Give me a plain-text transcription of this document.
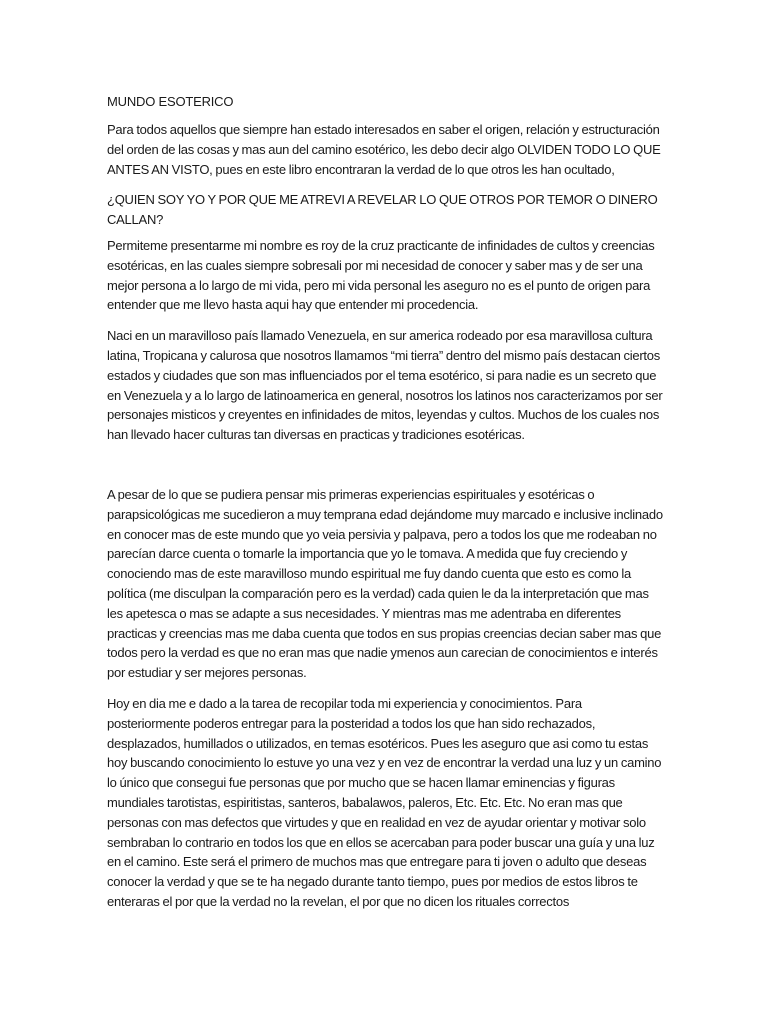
MUNDO ESOTERICO

Para todos aquellos que siempre han estado interesados en saber el origen, relación y estructuración del orden de las cosas y mas aun del camino esotérico, les debo decir algo OLVIDEN TODO LO QUE ANTES AN VISTO, pues en este libro encontraran la verdad de lo que otros les han ocultado,

¿QUIEN SOY YO Y POR QUE ME ATREVI A REVELAR LO QUE OTROS POR TEMOR O DINERO CALLAN?

Permiteme presentarme mi nombre es roy de la cruz practicante de infinidades de cultos y creencias esotéricas, en las cuales siempre sobresali por mi necesidad de conocer y saber mas y de ser una mejor persona a lo largo de mi vida, pero mi vida personal les aseguro no es el punto de origen para entender que me llevo hasta aqui hay que entender mi procedencia.

Naci en un maravilloso país llamado Venezuela, en sur america rodeado por esa maravillosa cultura latina, Tropicana y calurosa que nosotros llamamos “mi tierra” dentro del mismo país destacan ciertos estados y ciudades que son mas influenciados por el tema esotérico, si para nadie es un secreto que en Venezuela y a lo largo de latinoamerica en general, nosotros los latinos nos caracterizamos por ser personajes misticos y creyentes en infinidades de mitos, leyendas y cultos. Muchos de los cuales nos han llevado hacer culturas tan diversas en practicas y tradiciones esotéricas.

A pesar de lo que se pudiera pensar mis primeras experiencias espirituales y esotéricas o parapsicológicas me sucedieron a muy temprana edad dejándome muy marcado e inclusive inclinado en conocer mas de este mundo que yo veia persivia y palpava, pero a todos los que me rodeaban no parecían darce cuenta o tomarle la importancia que yo le tomava. A medida que fuy creciendo y conociendo mas de este maravilloso mundo espiritual me fuy dando cuenta que esto es como la política (me disculpan la comparación pero es la verdad) cada quien le da la interpretación que mas les apetesca o mas se adapte a sus necesidades. Y mientras mas me adentraba en diferentes practicas y creencias mas me daba cuenta que todos en sus propias creencias decian saber mas que todos pero la verdad es que no eran mas que nadie ymenos aun carecian de conocimientos e interés por estudiar y ser mejores personas.

Hoy en dia me e dado a la tarea de recopilar toda mi experiencia y conocimientos. Para posteriormente poderos entregar para la posteridad a todos los que han sido rechazados, desplazados, humillados o utilizados, en temas esotéricos. Pues les aseguro que asi como tu estas hoy buscando conocimiento lo estuve yo una vez y en vez de encontrar la verdad una luz y un camino lo único que consegui fue personas que por mucho que se hacen llamar eminencias y figuras mundiales tarotistas, espiritistas, santeros, babalawos, paleros, Etc. Etc. Etc. No eran mas que personas con mas defectos que virtudes y que en realidad en vez de ayudar orientar y motivar solo sembraban lo contrario en todos los que en ellos se acercaban para poder buscar una guía y una luz en el camino. Este será el primero de muchos mas que entregare para ti joven o adulto que deseas conocer la verdad y que se te ha negado durante tanto tiempo, pues por medios de estos libros te enteraras el por que la verdad no la revelan, el por que no dicen los rituales correctos
